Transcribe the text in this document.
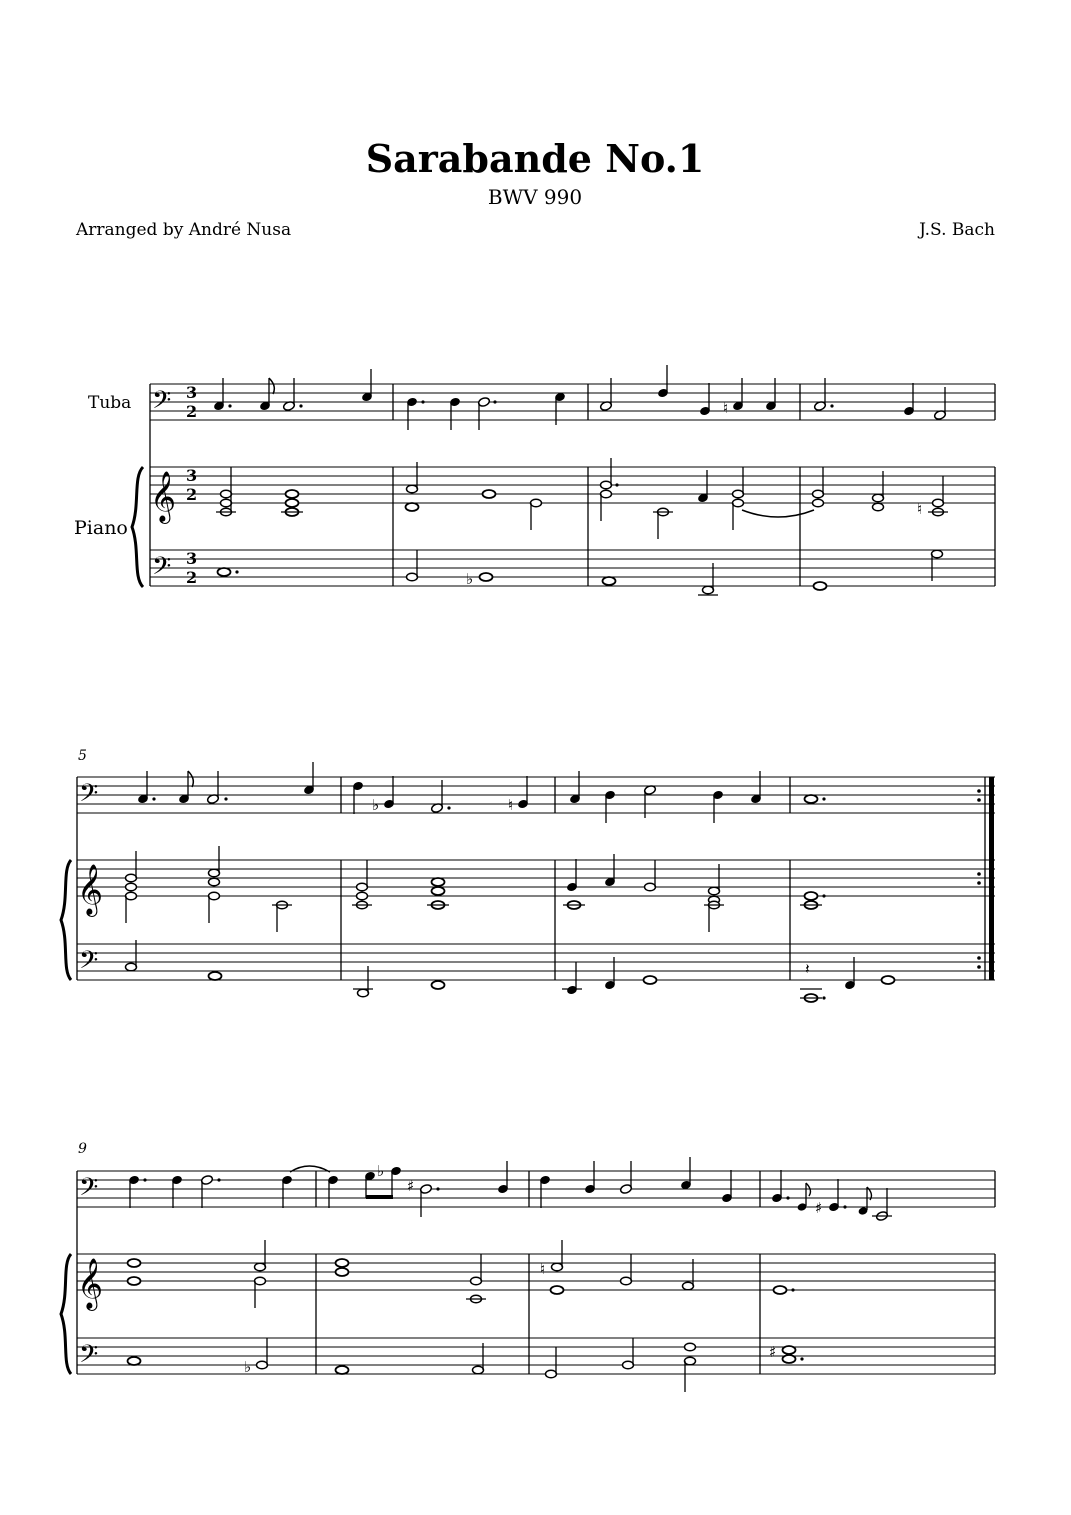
Sarabande No.1
BWV 990
Arranged by André Nusa	J.S. Bach
Tuba
Piano
5
9
𝄢
𝄞
𝄢
3
2
3
2
3
2
♮
♮
♭
𝄢
𝄞
𝄢
♭	♮
𝄽
𝄢
𝄞
𝄢
♭
♯
♯
♮
♭
♯
